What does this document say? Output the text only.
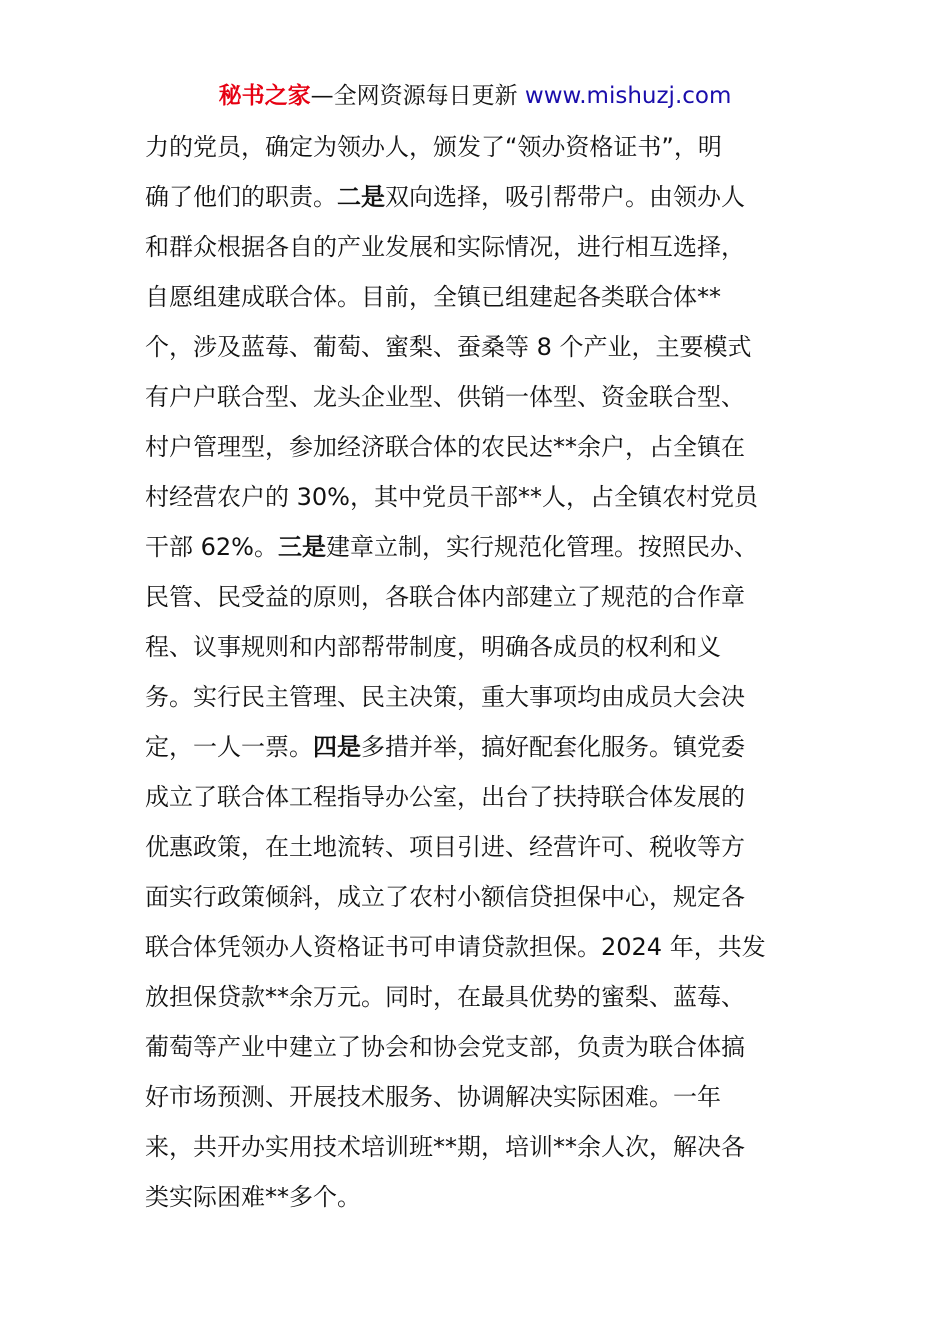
秘书之家—全网资源每日更新 www.mishuzj.com
力的党员，确定为领办人，颁发了“领办资格证书”，明
确了他们的职责。二是双向选择，吸引帮带户。由领办人
和群众根据各自的产业发展和实际情况，进行相互选择，
自愿组建成联合体。目前，全镇已组建起各类联合体**
个，涉及蓝莓、葡萄、蜜梨、蚕桑等 8 个产业，主要模式
有户户联合型、龙头企业型、供销一体型、资金联合型、
村户管理型，参加经济联合体的农民达**余户，占全镇在
村经营农户的 30%，其中党员干部**人，占全镇农村党员
干部 62%。三是建章立制，实行规范化管理。按照民办、
民管、民受益的原则，各联合体内部建立了规范的合作章
程、议事规则和内部帮带制度，明确各成员的权利和义
务。实行民主管理、民主决策，重大事项均由成员大会决
定，一人一票。四是多措并举，搞好配套化服务。镇党委
成立了联合体工程指导办公室，出台了扶持联合体发展的
优惠政策，在土地流转、项目引进、经营许可、税收等方
面实行政策倾斜，成立了农村小额信贷担保中心，规定各
联合体凭领办人资格证书可申请贷款担保。2024 年，共发
放担保贷款**余万元。同时，在最具优势的蜜梨、蓝莓、
葡萄等产业中建立了协会和协会党支部，负责为联合体搞
好市场预测、开展技术服务、协调解决实际困难。一年
来，共开办实用技术培训班**期，培训**余人次，解决各
类实际困难**多个。
